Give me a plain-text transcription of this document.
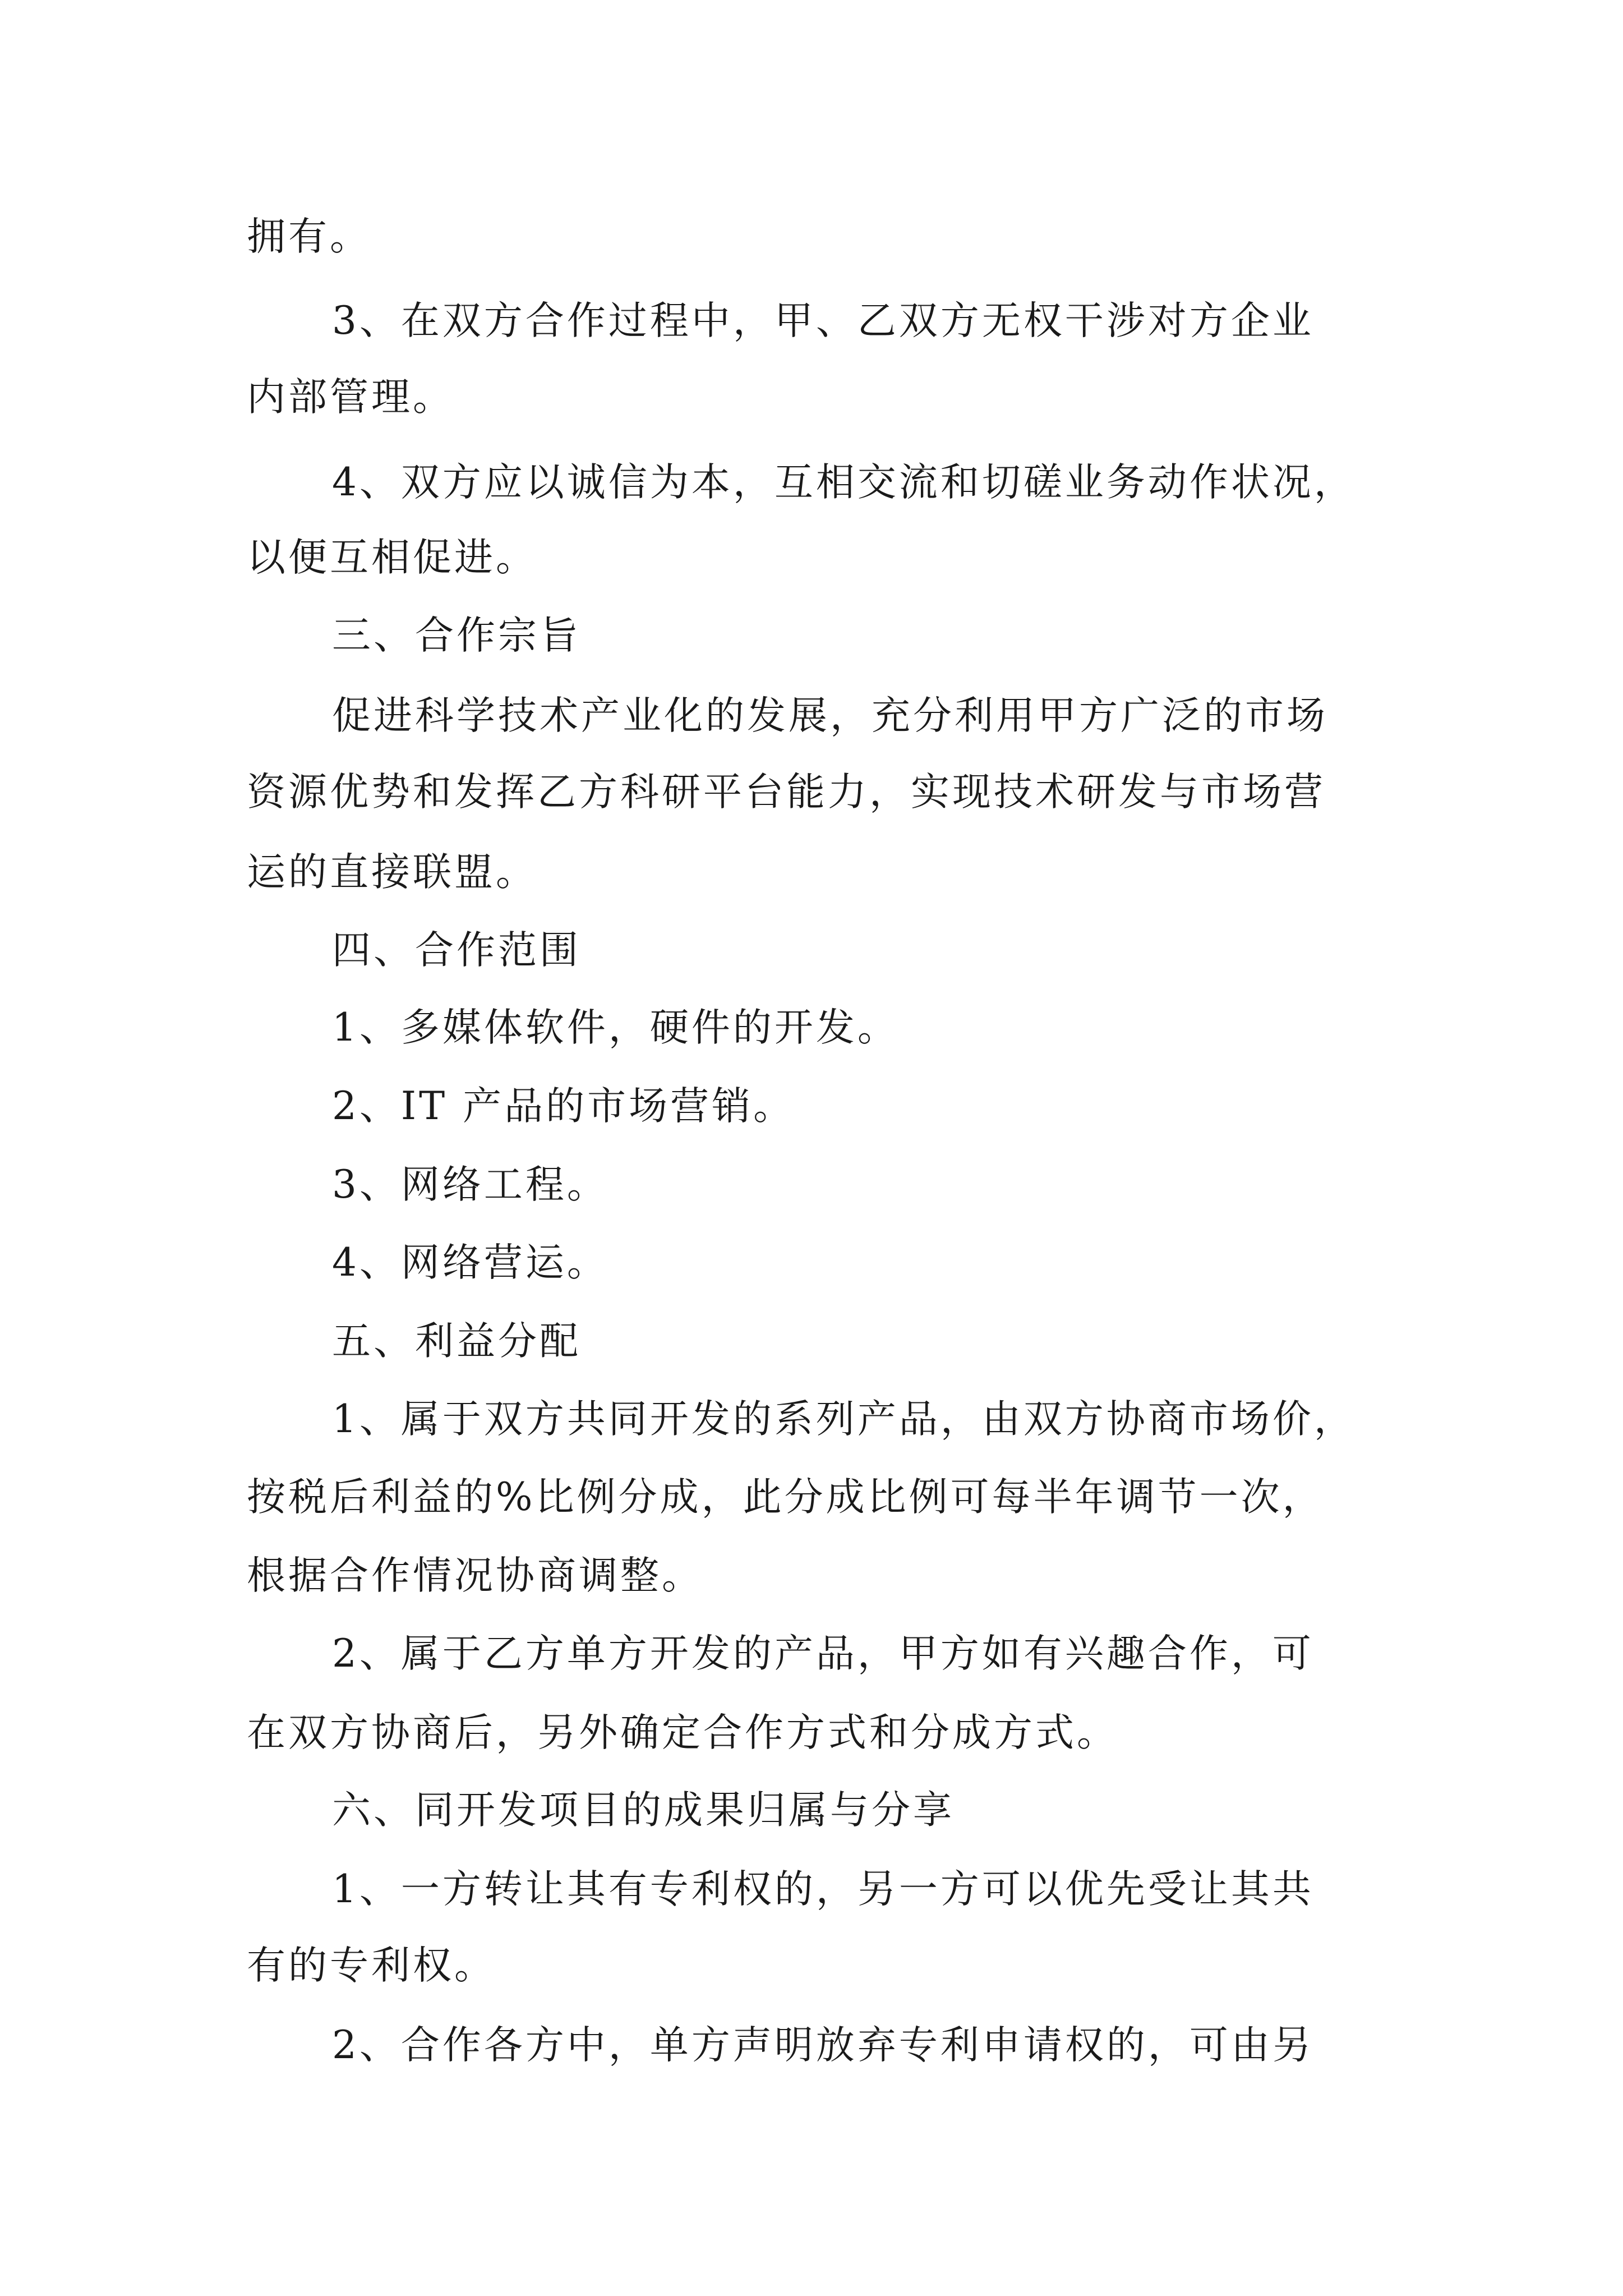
拥有。
3、在双方合作过程中，甲、乙双方无权干涉对方企业
内部管理。
4、双方应以诚信为本，互相交流和切磋业务动作状况，
以便互相促进。
三、合作宗旨
促进科学技术产业化的发展，充分利用甲方广泛的市场
资源优势和发挥乙方科研平台能力，实现技术研发与市场营
运的直接联盟。
四、合作范围
1、多媒体软件，硬件的开发。
2、IT 产品的市场营销。
3、网络工程。
4、网络营运。
五、利益分配
1、属于双方共同开发的系列产品，由双方协商市场价，
按税后利益的%比例分成，此分成比例可每半年调节一次，
根据合作情况协商调整。
2、属于乙方单方开发的产品，甲方如有兴趣合作，可
在双方协商后，另外确定合作方式和分成方式。
六、同开发项目的成果归属与分享
1、一方转让其有专利权的，另一方可以优先受让其共
有的专利权。
2、合作各方中，单方声明放弃专利申请权的，可由另
